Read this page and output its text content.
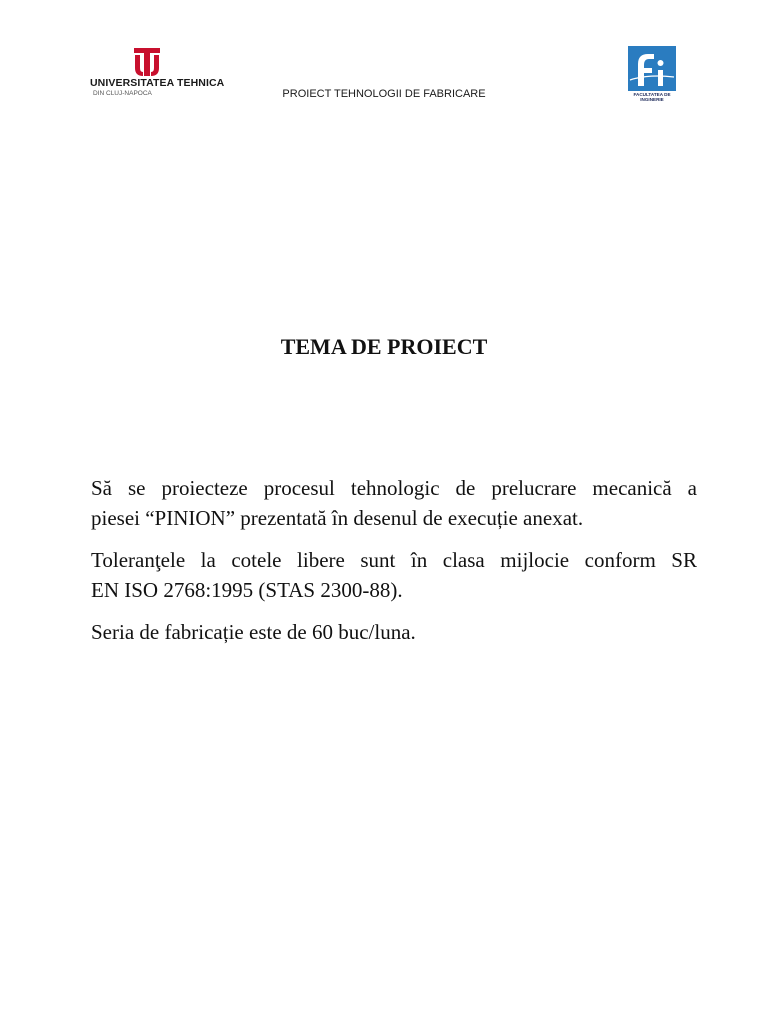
UNIVERSITATEA TEHNICA
DIN CLUJ-NAPOCA	PROIECT TEHNOLOGII DE FABRICARE	FACULTATEA DE
INGINERIE
TEMA DE PROIECT

Să se proiecteze procesul tehnologic de prelucrare mecanică a
piesei “PINION” prezentată în desenul de execuție anexat.

Toleranţele la cotele libere sunt în clasa mijlocie conform SR
EN ISO 2768:1995 (STAS 2300-88).

Seria de fabricație este de 60 buc/luna.
